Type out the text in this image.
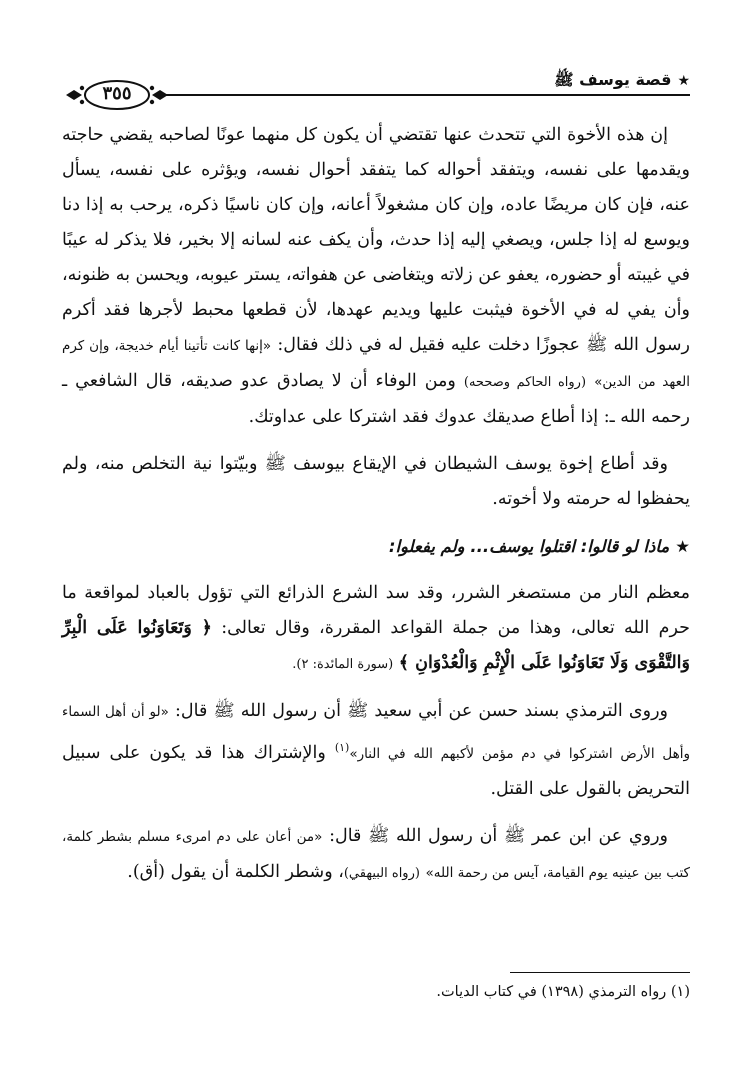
★قصة يوسف ﷺ
٣٥٥

إن هذه الأخوة التي تتحدث عنها تقتضي أن يكون كل منهما عونًا لصاحبه يقضي حاجته ويقدمها على نفسه، ويتفقد أحواله كما يتفقد أحوال نفسه، ويؤثره على نفسه، يسأل عنه، فإن كان مريضًا عاده، وإن كان مشغولاً أعانه، وإن كان ناسيًا ذكره، يرحب به إذا دنا ويوسع له إذا جلس، ويصغي إليه إذا حدث، وأن يكف عنه لسانه إلا بخير، فلا يذكر له عيبًا في غيبته أو حضوره، يعفو عن زلاته ويتغاضى عن هفواته، يستر عيوبه، ويحسن به ظنونه، وأن يفي له في الأخوة فيثبت عليها ويديم عهدها، لأن قطعها محبط لأجرها فقد أكرم رسول الله ﷺ عجوزًا دخلت عليه فقيل له في ذلك فقال: «إنها كانت تأتينا أيام خديجة، وإن كرم العهد من الدين» (رواه الحاكم وصححه) ومن الوفاء أن لا يصادق عدو صديقه، قال الشافعي ـ رحمه الله ـ: إذا أطاع صديقك عدوك فقد اشتركا على عداوتك.

وقد أطاع إخوة يوسف الشيطان في الإيقاع بيوسف ﷺ وبيّتوا نية التخلص منه، ولم يحفظوا له حرمته ولا أخوته.

★ماذا لو قالوا: اقتلوا يوسف... ولم يفعلوا:

معظم النار من مستصغر الشرر، وقد سد الشرع الذرائع التي تؤول بالعباد لمواقعة ما حرم الله تعالى، وهذا من جملة القواعد المقررة، وقال تعالى: ﴿ وَتَعَاوَنُوا عَلَى الْبِرِّ وَالتَّقْوَى وَلَا تَعَاوَنُوا عَلَى الْإِثْمِ وَالْعُدْوَانِ ﴾ (سورة المائدة: ٢).

وروى الترمذي بسند حسن عن أبي سعيد ﷺ أن رسول الله ﷺ قال: «لو أن أهل السماء وأهل الأرض اشتركوا في دم مؤمن لأكبهم الله في النار»$^{(١)}$ والإشتراك هذا قد يكون على سبيل التحريض بالقول على القتل.

وروي عن ابن عمر ﷺ أن رسول الله ﷺ قال: «من أعان على دم امرىء مسلم بشطر كلمة، كتب بين عينيه يوم القيامة، آيس من رحمة الله» (رواه البيهقي)، وشطر الكلمة أن يقول (أق).

(١) رواه الترمذي (١٣٩٨) في كتاب الديات.
